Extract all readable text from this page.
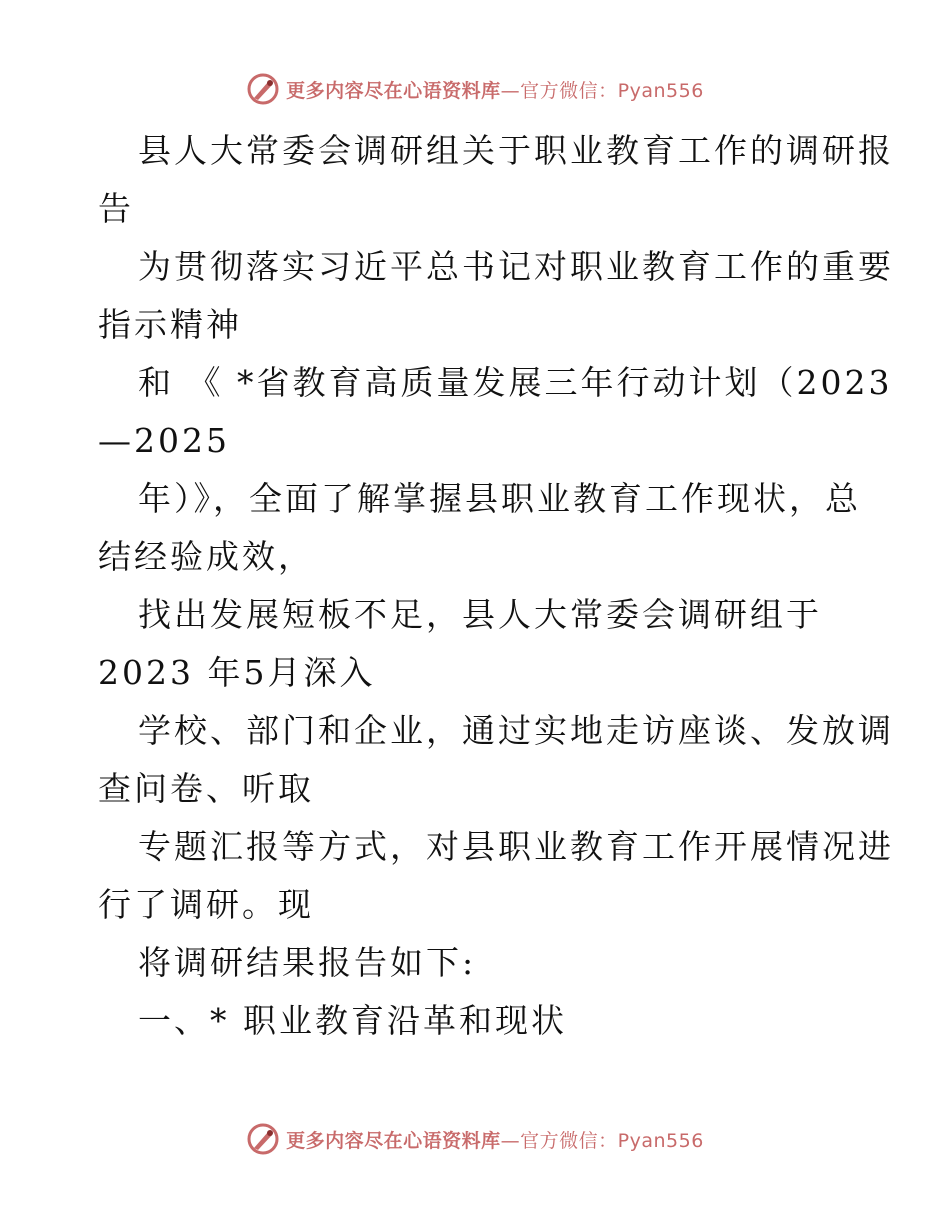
更多内容尽在心语资料库—官方微信：Pyan556
县人大常委会调研组关于职业教育工作的调研报
告
为贯彻落实习近平总书记对职业教育工作的重要
指示精神
和 《 *省教育高质量发展三年行动计划（2023
—2025
年）》，全面了解掌握县职业教育工作现状，总
结经验成效，
找出发展短板不足，县人大常委会调研组于
2023 年5月深入
学校、部门和企业，通过实地走访座谈、发放调
查问卷、听取
专题汇报等方式，对县职业教育工作开展情况进
行了调研。现
将调研结果报告如下:
一、* 职业教育沿革和现状
更多内容尽在心语资料库—官方微信：Pyan556
